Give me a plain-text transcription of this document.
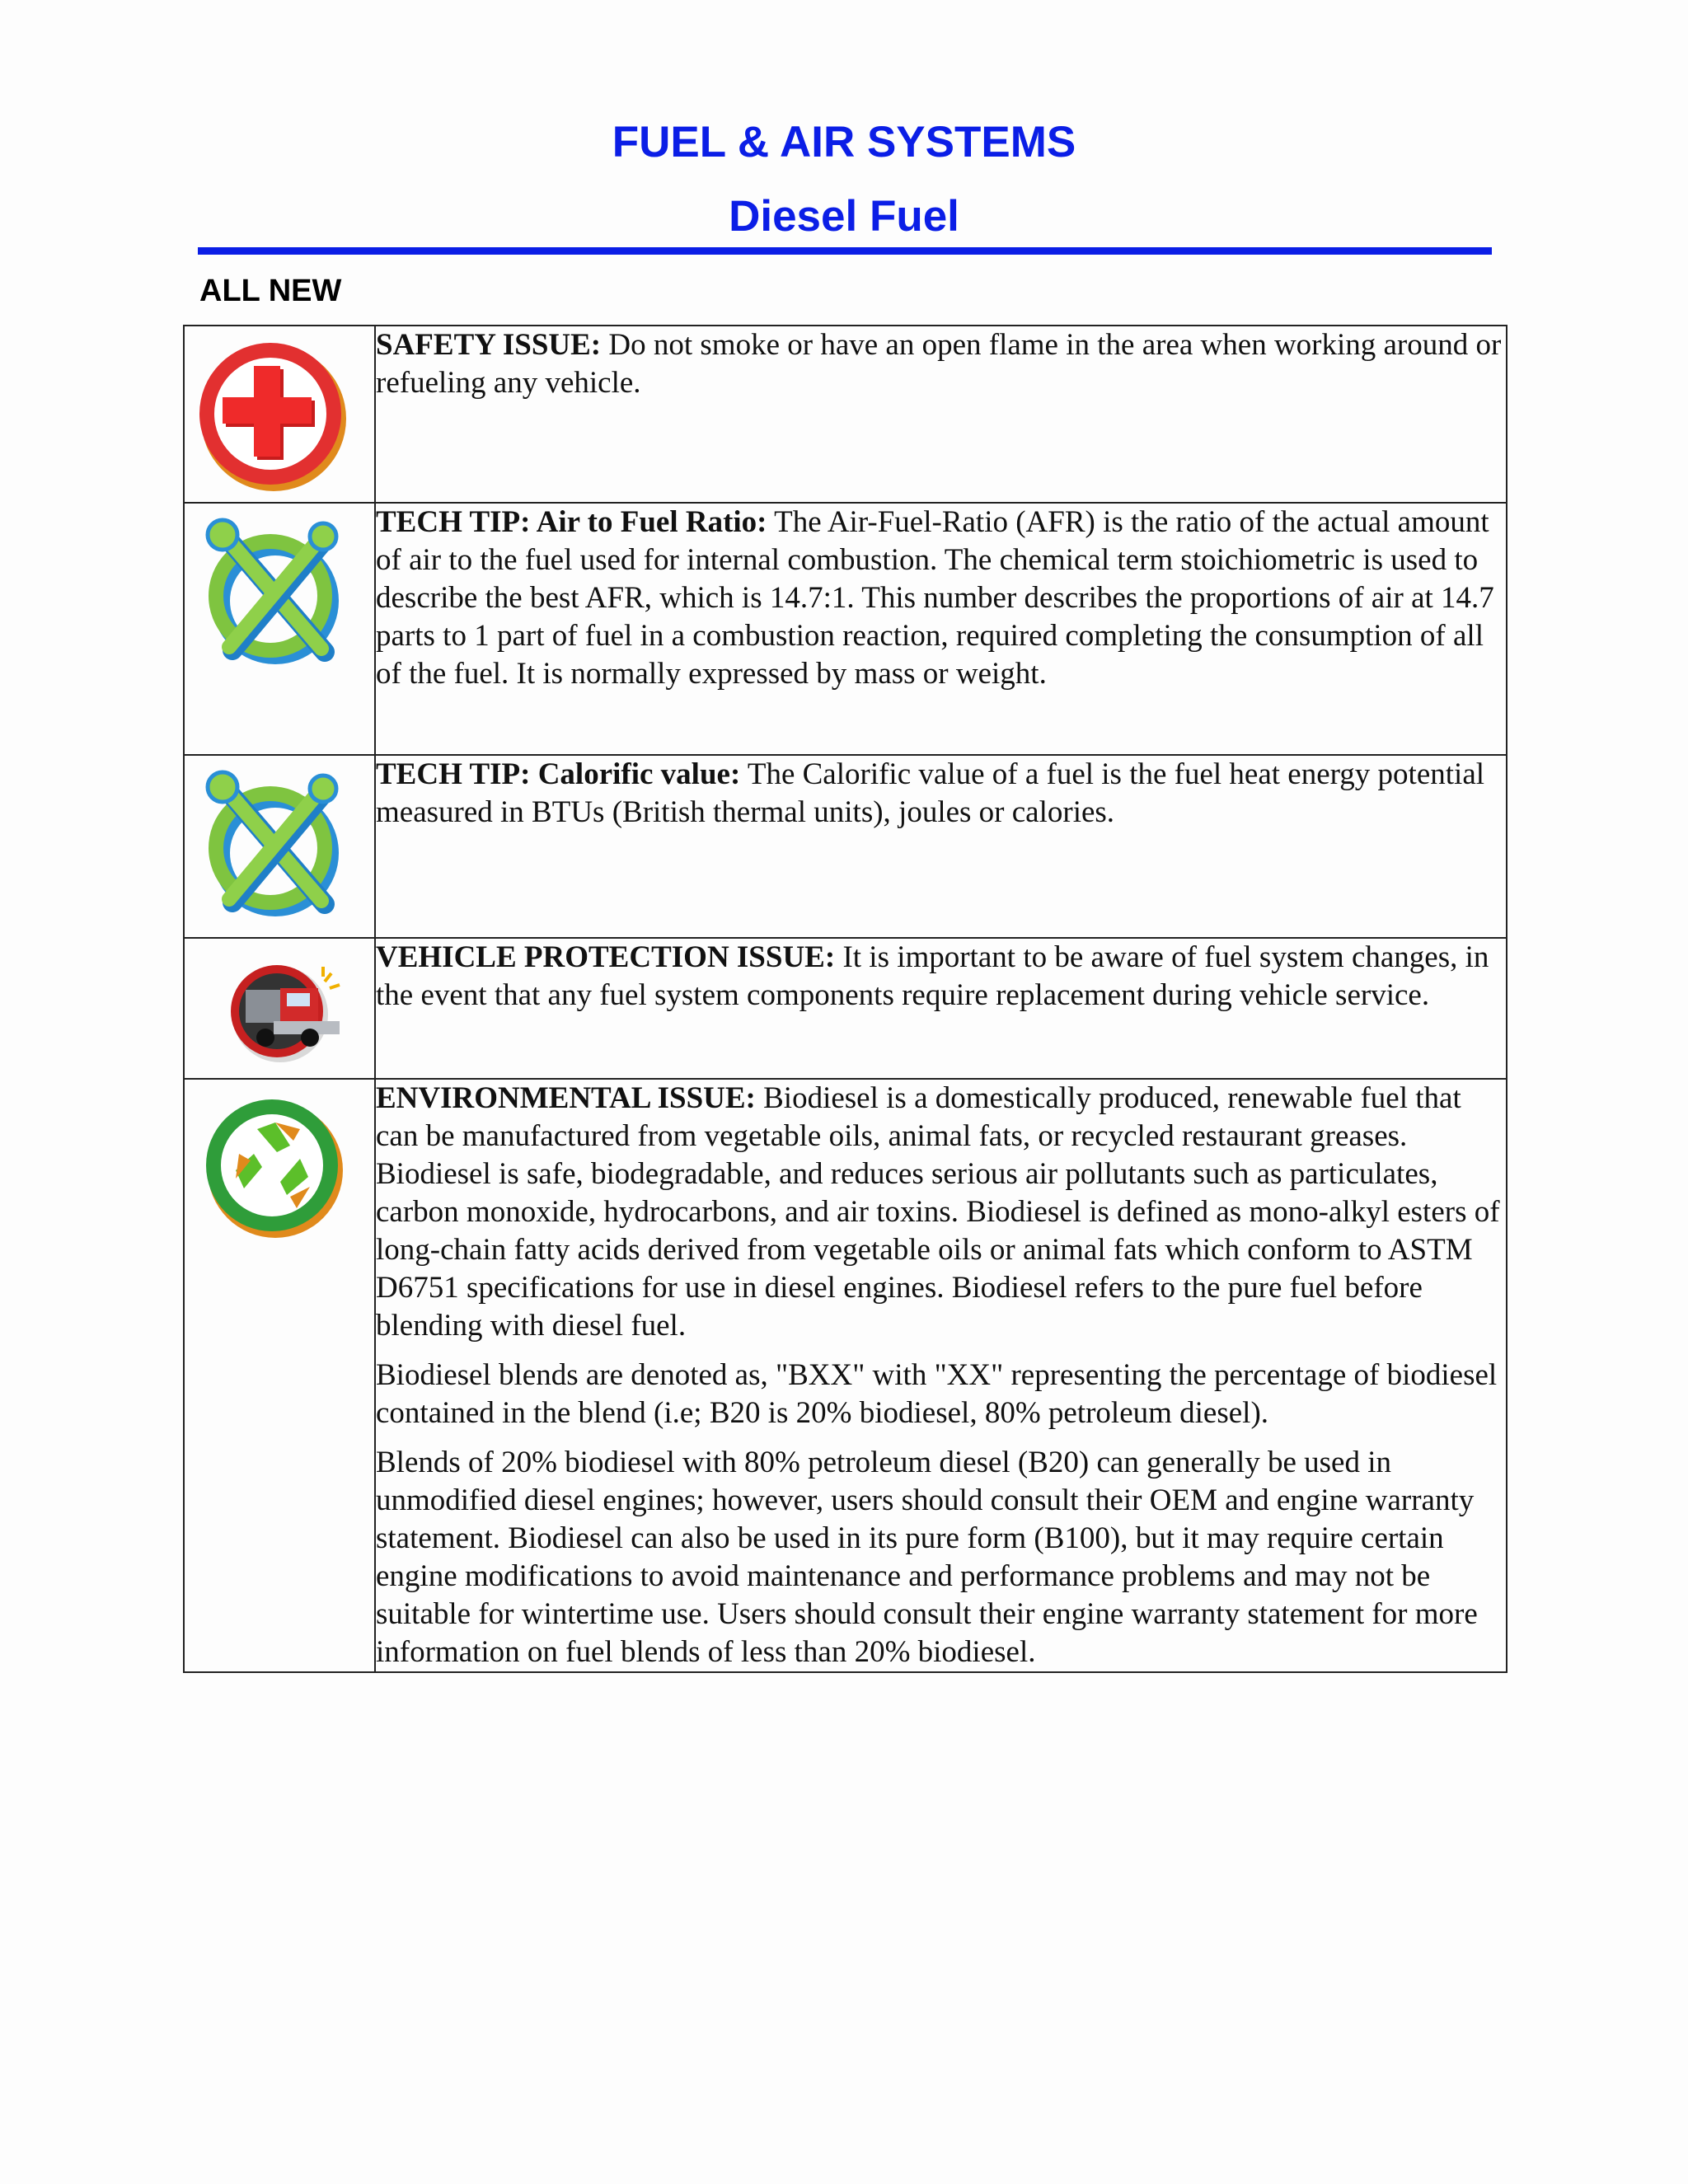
FUEL & AIR SYSTEMS
Diesel Fuel
ALL NEW

SAFETY ISSUE: Do not smoke or have an open flame in the area when working around or refueling any vehicle.

TECH TIP: Air to Fuel Ratio: The Air-Fuel-Ratio (AFR) is the ratio of the actual amount of air to the fuel used for internal combustion. The chemical term stoichiometric is used to describe the best AFR, which is 14.7:1. This number describes the proportions of air at 14.7 parts to 1 part of fuel in a combustion reaction, required completing the consumption of all of the fuel. It is normally expressed by mass or weight.

TECH TIP: Calorific value: The Calorific value of a fuel is the fuel heat energy potential measured in BTUs (British thermal units), joules or calories.

VEHICLE PROTECTION ISSUE: It is important to be aware of fuel system changes, in the event that any fuel system components require replacement during vehicle service.

ENVIRONMENTAL ISSUE: Biodiesel is a domestically produced, renewable fuel that can be manufactured from vegetable oils, animal fats, or recycled restaurant greases. Biodiesel is safe, biodegradable, and reduces serious air pollutants such as particulates, carbon monoxide, hydrocarbons, and air toxins. Biodiesel is defined as mono-alkyl esters of long-chain fatty acids derived from vegetable oils or animal fats which conform to ASTM D6751 specifications for use in diesel engines. Biodiesel refers to the pure fuel before blending with diesel fuel.

Biodiesel blends are denoted as, "BXX" with "XX" representing the percentage of biodiesel contained in the blend (i.e; B20 is 20% biodiesel, 80% petroleum diesel).

Blends of 20% biodiesel with 80% petroleum diesel (B20) can generally be used in unmodified diesel engines; however, users should consult their OEM and engine warranty statement. Biodiesel can also be used in its pure form (B100), but it may require certain engine modifications to avoid maintenance and performance problems and may not be suitable for wintertime use. Users should consult their engine warranty statement for more information on fuel blends of less than 20% biodiesel.
